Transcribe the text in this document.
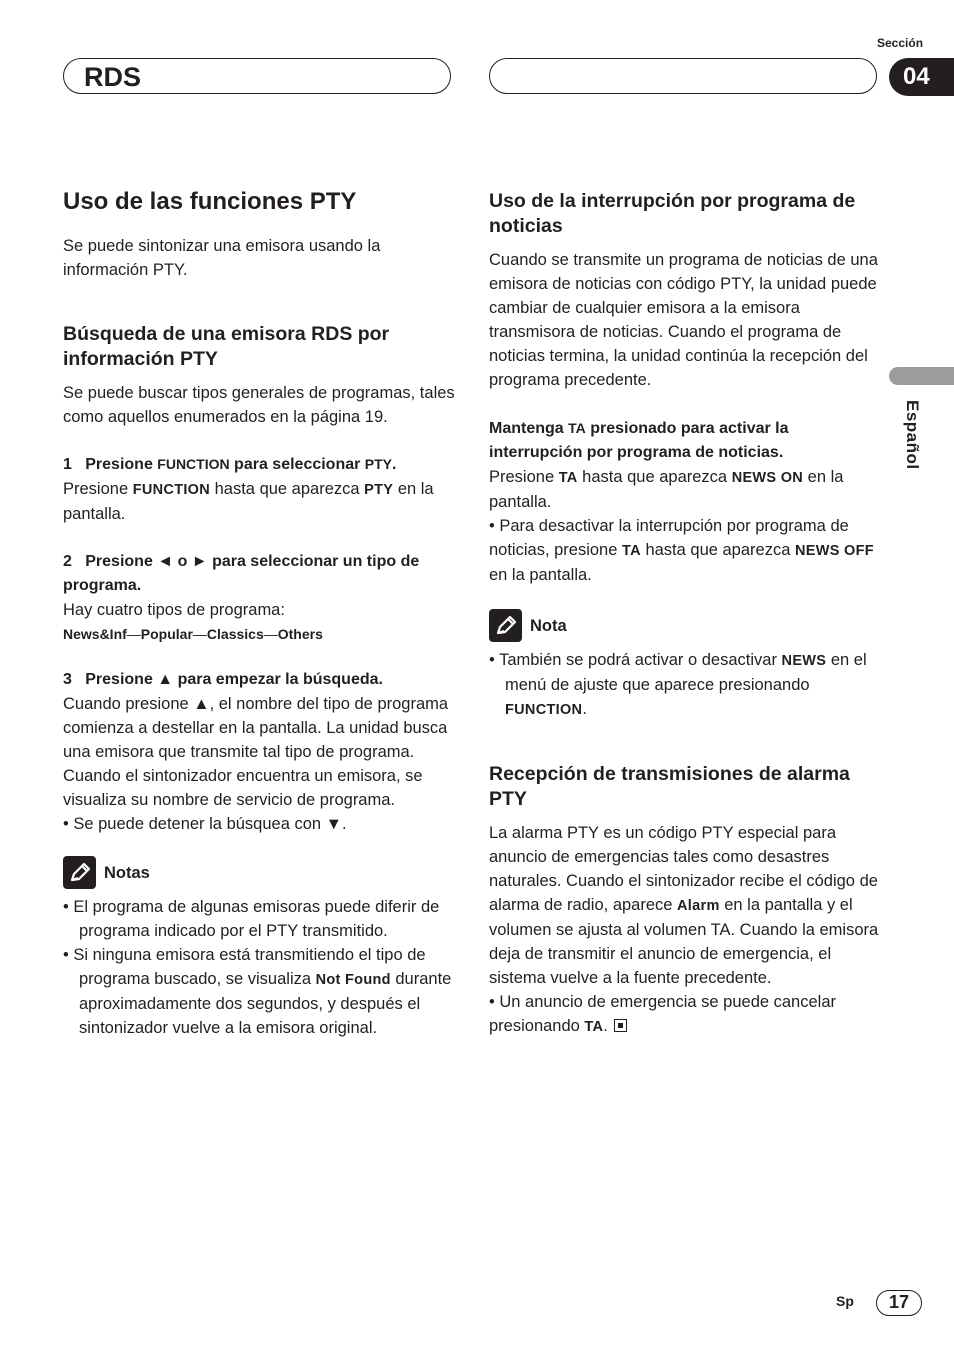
RDS
Sección
04
Español
Uso de las funciones PTY

Se puede sintonizar una emisora usando la información PTY.

Búsqueda de una emisora RDS por información PTY

Se puede buscar tipos generales de programas, tales como aquellos enumerados en la página 19.

1 Presione FUNCTION para seleccionar PTY.

Presione FUNCTION hasta que aparezca PTY en la pantalla.

2 Presione ◄ o ► para seleccionar un tipo de programa.

Hay cuatro tipos de programa:

News&Inf—Popular—Classics—Others

3 Presione ▲ para empezar la búsqueda.

Cuando presione ▲, el nombre del tipo de programa comienza a destellar en la pantalla. La unidad busca una emisora que transmite tal tipo de programa. Cuando el sintonizador encuentra un emisora, se visualiza su nombre de servicio de programa.

• Se puede detener la búsquea con ▼.

Notas

• El programa de algunas emisoras puede diferir de programa indicado por el PTY transmitido.

• Si ninguna emisora está transmitiendo el tipo de programa buscado, se visualiza Not Found durante aproximadamente dos segundos, y después el sintonizador vuelve a la emisora original.

Uso de la interrupción por programa de noticias

Cuando se transmite un programa de noticias de una emisora de noticias con código PTY, la unidad puede cambiar de cualquier emisora a la emisora transmisora de noticias. Cuando el programa de noticias termina, la unidad continúa la recepción del programa precedente.

Mantenga TA presionado para activar la interrupción por programa de noticias.

Presione TA hasta que aparezca NEWS ON en la pantalla.

• Para desactivar la interrupción por programa de noticias, presione TA hasta que aparezca NEWS OFF en la pantalla.

Nota

• También se podrá activar o desactivar NEWS en el menú de ajuste que aparece presionando FUNCTION.

Recepción de transmisiones de alarma PTY

La alarma PTY es un código PTY especial para anuncio de emergencias tales como desastres naturales. Cuando el sintonizador recibe el código de alarma de radio, aparece Alarm en la pantalla y el volumen se ajusta al volumen TA. Cuando la emisora deja de transmitir el anuncio de emergencia, el sistema vuelve a la fuente precedente.

• Un anuncio de emergencia se puede cancelar presionando TA.

Sp	17
